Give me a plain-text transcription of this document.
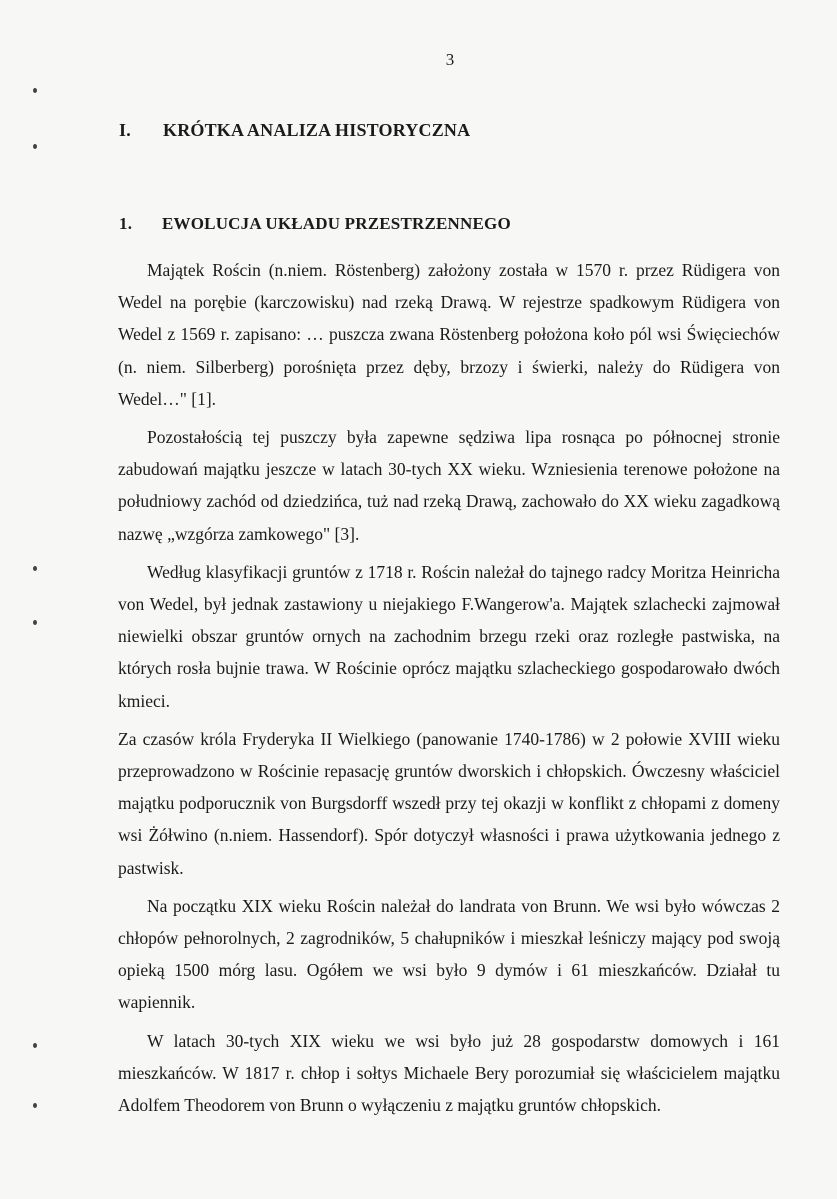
3
I. KRÓTKA ANALIZA HISTORYCZNA
1. EWOLUCJA UKŁADU PRZESTRZENNEGO

Majątek Rościn (n.niem. Röstenberg) założony została w 1570 r. przez Rüdigera von Wedel na porębie (karczowisku) nad rzeką Drawą. W rejestrze spadkowym Rüdigera von Wedel z 1569 r. zapisano: … puszcza zwana Röstenberg położona koło pól wsi Święciechów (n. niem. Silberberg) porośnięta przez dęby, brzozy i świerki, należy do Rüdigera von Wedel…" [1].

Pozostałością tej puszczy była zapewne sędziwa lipa rosnąca po północnej stronie zabudowań majątku jeszcze w latach 30-tych XX wieku. Wzniesienia terenowe położone na południowy zachód od dziedzińca, tuż nad rzeką Drawą, zachowało do XX wieku zagadkową nazwę „wzgórza zamkowego" [3].

Według klasyfikacji gruntów z 1718 r. Rościn należał do tajnego radcy Moritza Heinricha von Wedel, był jednak zastawiony u niejakiego F.Wangerow'a. Majątek szlachecki zajmował niewielki obszar gruntów ornych na zachodnim brzegu rzeki oraz rozległe pastwiska, na których rosła bujnie trawa. W Rościnie oprócz majątku szlacheckiego gospodarowało dwóch kmieci.

Za czasów króla Fryderyka II Wielkiego (panowanie 1740-1786) w 2 połowie XVIII wieku przeprowadzono w Rościnie repasację gruntów dworskich i chłopskich. Ówczesny właściciel majątku podporucznik von Burgsdorff wszedł przy tej okazji w konflikt z chłopami z domeny wsi Żółwino (n.niem. Hassendorf). Spór dotyczył własności i prawa użytkowania jednego z pastwisk.

Na początku XIX wieku Rościn należał do landrata von Brunn. We wsi było wówczas 2 chłopów pełnorolnych, 2 zagrodników, 5 chałupników i mieszkał leśniczy mający pod swoją opieką 1500 mórg lasu. Ogółem we wsi było 9 dymów i 61 mieszkańców. Działał tu wapiennik.

W latach 30-tych XIX wieku we wsi było już 28 gospodarstw domowych i 161 mieszkańców. W 1817 r. chłop i sołtys Michaele Bery porozumiał się właścicielem majątku Adolfem Theodorem von Brunn o wyłączeniu z majątku gruntów chłopskich.
